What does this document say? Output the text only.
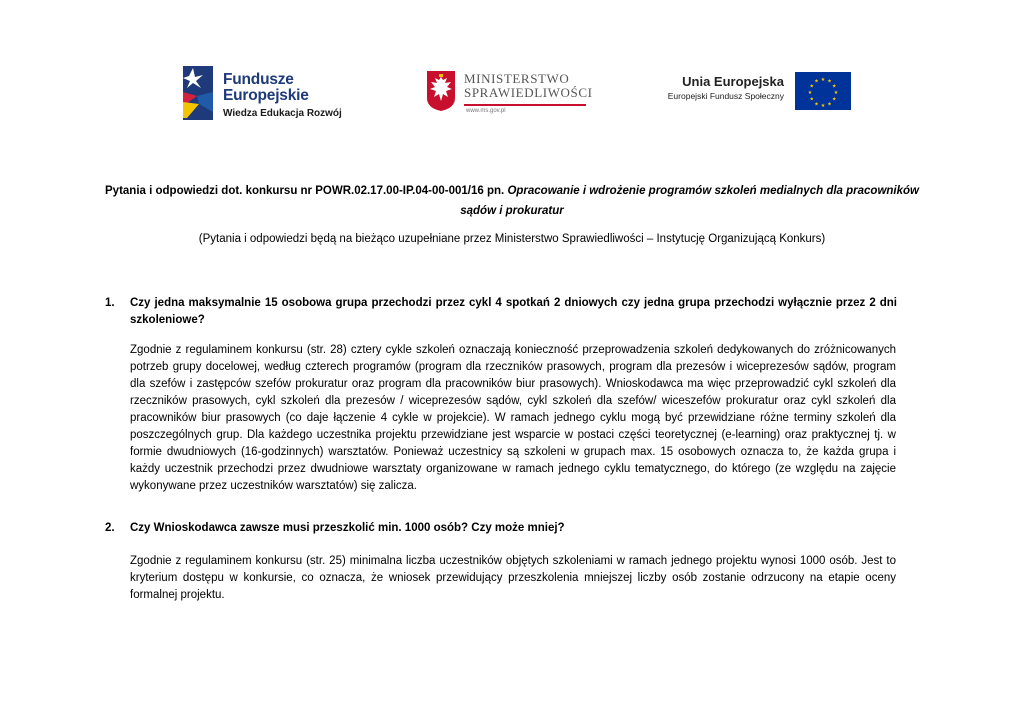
Fundusze
Europejskie
Wiedza Edukacja Rozwój
MINISTERSTWO
SPRAWIEDLIWOŚCI
www.ms.gov.pl
Unia Europejska
Europejski Fundusz Społeczny
★ ★
★
★
★
★
★
★
★
★
★
★
Pytania i odpowiedzi dot. konkursu nr POWR.02.17.00-IP.04-00-001/16 pn. Opracowanie i wdrożenie programów szkoleń medialnych dla pracowników sądów i prokuratur
(Pytania i odpowiedzi będą na bieżąco uzupełniane przez Ministerstwo Sprawiedliwości – Instytucję Organizującą Konkurs)
1.	Czy jedna maksymalnie 15 osobowa grupa przechodzi przez cykl 4 spotkań 2 dniowych czy jedna grupa przechodzi wyłącznie przez 2 dni szkoleniowe?
Zgodnie z regulaminem konkursu (str. 28) cztery cykle szkoleń oznaczają konieczność przeprowadzenia szkoleń dedykowanych do zróżnicowanych potrzeb grupy docelowej, według czterech programów (program dla rzeczników prasowych, program dla prezesów i wiceprezesów sądów, program dla szefów i zastępców szefów prokuratur oraz program dla pracowników biur prasowych). Wnioskodawca ma więc przeprowadzić cykl szkoleń dla rzeczników prasowych, cykl szkoleń dla prezesów / wiceprezesów sądów, cykl szkoleń dla szefów/ wiceszefów prokuratur oraz cykl szkoleń dla pracowników biur prasowych (co daje łączenie 4 cykle w projekcie). W ramach jednego cyklu mogą być przewidziane różne terminy szkoleń dla poszczególnych grup. Dla każdego uczestnika projektu przewidziane jest wsparcie w postaci części teoretycznej (e-learning) oraz praktycznej tj. w formie dwudniowych (16-godzinnych) warsztatów. Ponieważ uczestnicy są szkoleni w grupach max. 15 osobowych oznacza to, że każda grupa i każdy uczestnik przechodzi przez dwudniowe warsztaty organizowane w ramach jednego cyklu tematycznego, do którego (ze względu na zajęcie wykonywane przez uczestników warsztatów) się zalicza.
2.	Czy Wnioskodawca zawsze musi przeszkolić min. 1000 osób? Czy może mniej?
Zgodnie z regulaminem konkursu (str. 25) minimalna liczba uczestników objętych szkoleniami w ramach jednego projektu wynosi 1000 osób. Jest to kryterium dostępu w konkursie, co oznacza, że wniosek przewidujący przeszkolenia mniejszej liczby osób zostanie odrzucony na etapie oceny formalnej projektu.
